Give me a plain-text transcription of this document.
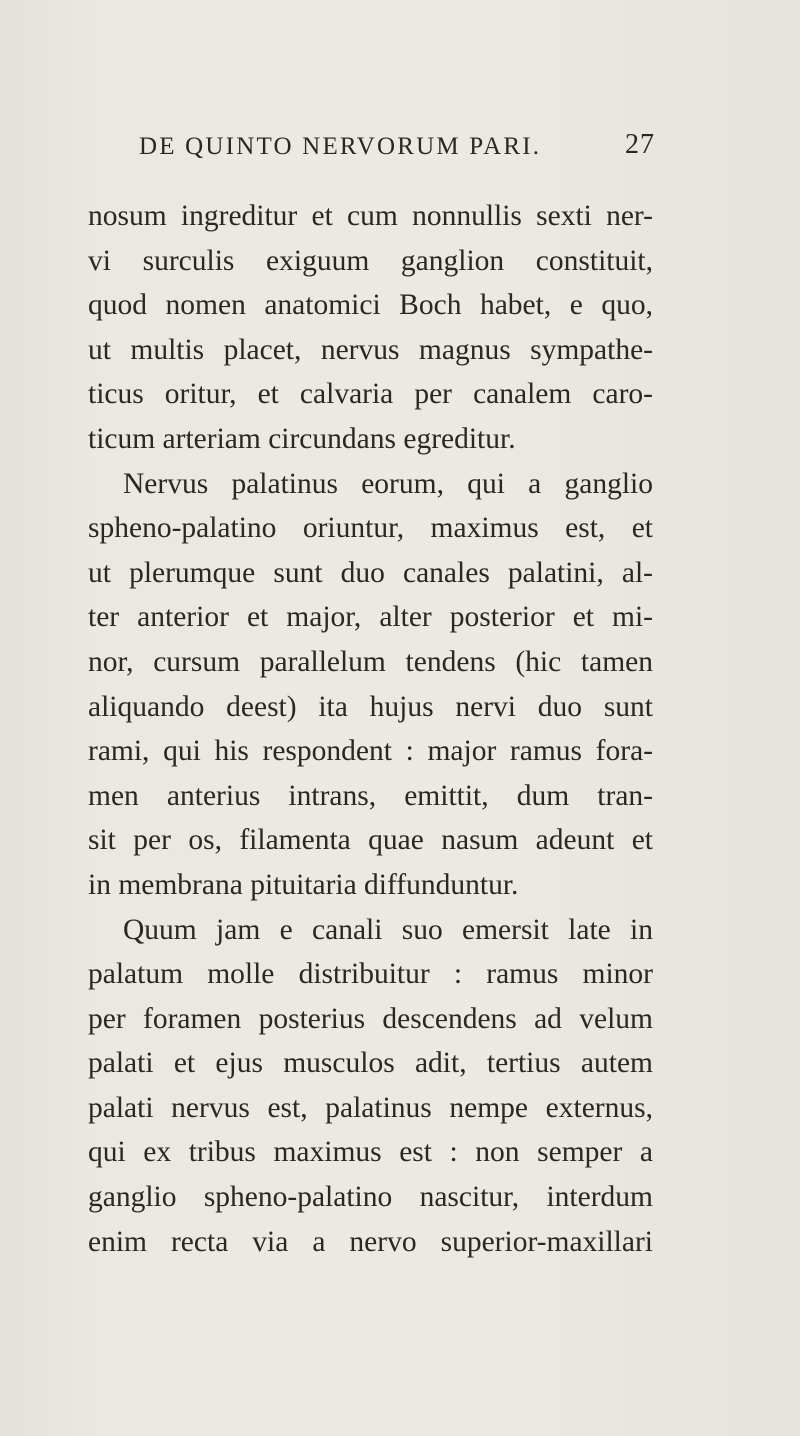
DE QUINTO NERVORUM PARI.	27
nosum ingreditur et cum nonnullis sexti ner-
vi surculis exiguum ganglion constituit,
quod nomen anatomici Boch habet, e quo,
ut multis placet, nervus magnus sympathe-
ticus oritur, et calvaria per canalem caro-
ticum arteriam circundans egreditur.
Nervus palatinus eorum, qui a ganglio
spheno-palatino oriuntur, maximus est, et
ut plerumque sunt duo canales palatini, al-
ter anterior et major, alter posterior et mi-
nor, cursum parallelum tendens (hic tamen
aliquando deest) ita hujus nervi duo sunt
rami, qui his respondent : major ramus fora-
men anterius intrans, emittit, dum tran-
sit per os, filamenta quae nasum adeunt et
in membrana pituitaria diffunduntur.
Quum jam e canali suo emersit late in
palatum molle distribuitur : ramus minor
per foramen posterius descendens ad velum
palati et ejus musculos adit, tertius autem
palati nervus est, palatinus nempe externus,
qui ex tribus maximus est : non semper a
ganglio spheno-palatino nascitur, interdum
enim recta via a nervo superior-maxillari
